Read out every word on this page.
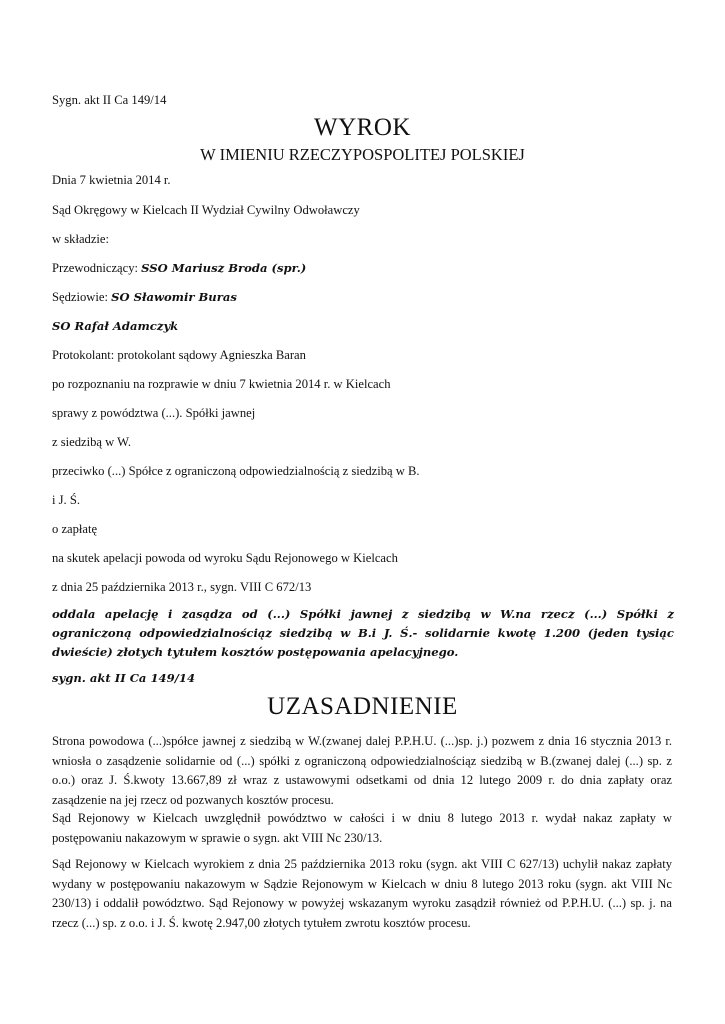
Sygn. akt II Ca 149/14
WYROK
W IMIENIU RZECZYPOSPOLITEJ POLSKIEJ
Dnia 7 kwietnia 2014 r.
Sąd Okręgowy w Kielcach II Wydział Cywilny Odwoławczy
w składzie:
Przewodniczący: SSO Mariusz Broda (spr.)
Sędziowie: SO Sławomir Buras
SO Rafał Adamczyk
Protokolant: protokolant sądowy Agnieszka Baran
po rozpoznaniu na rozprawie w dniu 7 kwietnia 2014 r. w Kielcach
sprawy z powództwa (...). Spółki jawnej
z siedzibą w W.
przeciwko (...) Spółce z ograniczoną odpowiedzialnością z siedzibą w B.
i J. Ś.
o zapłatę
na skutek apelacji powoda od wyroku Sądu Rejonowego w Kielcach
z dnia 25 października 2013 r., sygn. VIII C 672/13
oddala apelację i zasądza od (...) Spółki jawnej z siedzibą w W.na rzecz (...) Spółki z ograniczoną odpowiedzialnościąz siedzibą w B.i J. Ś.- solidarnie kwotę 1.200 (jeden tysiąc dwieście) złotych tytułem kosztów postępowania apelacyjnego.
sygn. akt II Ca 149/14
UZASADNIENIE
Strona powodowa (...)spółce jawnej z siedzibą w W.(zwanej dalej P.P.H.U. (...)sp. j.) pozwem z dnia 16 stycznia 2013 r. wniosła o zasądzenie solidarnie od (...) spółki z ograniczoną odpowiedzialnościąz siedzibą w B.(zwanej dalej (...) sp. z o.o.) oraz J. Ś.kwoty 13.667,89 zł wraz z ustawowymi odsetkami od dnia 12 lutego 2009 r. do dnia zapłaty oraz zasądzenie na jej rzecz od pozwanych kosztów procesu.
Sąd Rejonowy w Kielcach uwzględnił powództwo w całości i w dniu 8 lutego 2013 r. wydał nakaz zapłaty w postępowaniu nakazowym w sprawie o sygn. akt VIII Nc 230/13.
Sąd Rejonowy w Kielcach wyrokiem z dnia 25 października 2013 roku (sygn. akt VIII C 627/13) uchylił nakaz zapłaty wydany w postępowaniu nakazowym w Sądzie Rejonowym w Kielcach w dniu 8 lutego 2013 roku (sygn. akt VIII Nc 230/13) i oddalił powództwo. Sąd Rejonowy w powyżej wskazanym wyroku zasądził również od P.P.H.U. (...) sp. j. na rzecz (...) sp. z o.o. i J. Ś. kwotę 2.947,00 złotych tytułem zwrotu kosztów procesu.
